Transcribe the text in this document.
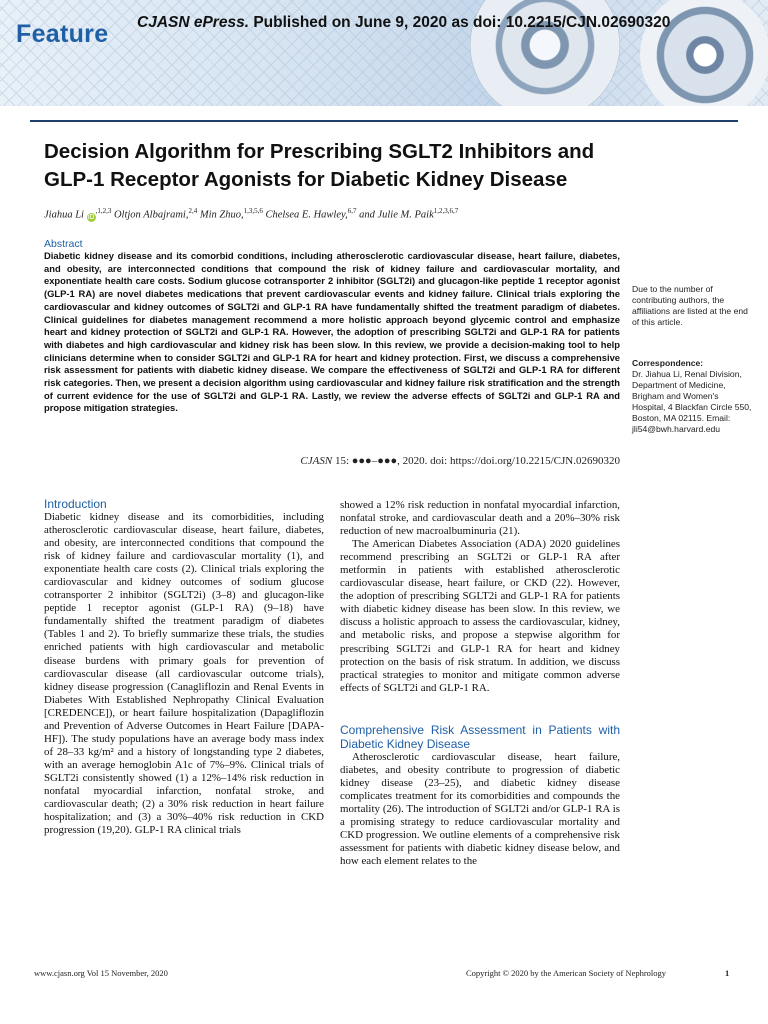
Feature CJASN ePress. Published on June 9, 2020 as doi: 10.2215/CJN.02690320
Decision Algorithm for Prescribing SGLT2 Inhibitors and GLP-1 Receptor Agonists for Diabetic Kidney Disease
Jiahua Li $iD^{,1,2,3}$ Oltjon Albajrami,$^{2,4}$ Min Zhuo,$^{1,3,5,6}$ Chelsea E. Hawley,$^{6,7}$ and Julie M. Paik$^{1,2,3,6,7}$
Abstract
Diabetic kidney disease and its comorbid conditions, including atherosclerotic cardiovascular disease, heart failure, diabetes, and obesity, are interconnected conditions that compound the risk of kidney failure and cardiovascular mortality, and exponentiate health care costs. Sodium glucose cotransporter 2 inhibitor (SGLT2i) and glucagon-like peptide 1 receptor agonist (GLP-1 RA) are novel diabetes medications that prevent cardiovascular events and kidney failure. Clinical trials exploring the cardiovascular and kidney outcomes of SGLT2i and GLP-1 RA have fundamentally shifted the treatment paradigm of diabetes. Clinical guidelines for diabetes management recommend a more holistic approach beyond glycemic control and emphasize heart and kidney protection of SGLT2i and GLP-1 RA. However, the adoption of prescribing SGLT2i and GLP-1 RA for patients with diabetes and high cardiovascular and kidney risk has been slow. In this review, we provide a decision-making tool to help clinicians determine when to consider SGLT2i and GLP-1 RA for heart and kidney protection. First, we discuss a comprehensive risk assessment for patients with diabetic kidney disease. We compare the effectiveness of SGLT2i and GLP-1 RA for different risk categories. Then, we present a decision algorithm using cardiovascular and kidney failure risk stratification and the strength of current evidence for the use of SGLT2i and GLP-1 RA. Lastly, we review the adverse effects of SGLT2i and GLP-1 RA and propose mitigation strategies.
CJASN 15: ●●●–●●●, 2020. doi: https://doi.org/10.2215/CJN.02690320
Due to the number of contributing authors, the affiliations are listed at the end of this article.
Correspondence:
Dr. Jiahua Li, Renal Division, Department of Medicine, Brigham and Women's Hospital, 4 Blackfan Circle 550, Boston, MA 02115. Email: jli54@bwh.harvard.edu

Introduction

Diabetic kidney disease and its comorbidities, including atherosclerotic cardiovascular disease, heart failure, diabetes, and obesity, are interconnected conditions that compound the risk of kidney failure and cardiovascular mortality (1), and exponentiate health care costs (2). Clinical trials exploring the cardiovascular and kidney outcomes of sodium glucose cotransporter 2 inhibitor (SGLT2i) (3–8) and glucagon-like peptide 1 receptor agonist (GLP-1 RA) (9–18) have fundamentally shifted the treatment paradigm of diabetes (Tables 1 and 2). To briefly summarize these trials, the studies enriched patients with high cardiovascular and metabolic disease burdens with primary goals for prevention of cardiovascular disease (all cardiovascular outcome trials), kidney disease progression (Canagliflozin and Renal Events in Diabetes With Established Nephropathy Clinical Evaluation [CREDENCE]), or heart failure hospitalization (Dapagliflozin and Prevention of Adverse Outcomes in Heart Failure [DAPA-HF]). The study populations have an average body mass index of 28–33 kg/m² and a history of longstanding type 2 diabetes, with an average hemoglobin A1c of 7%–9%. Clinical trials of SGLT2i consistently showed (1) a 12%–14% risk reduction in nonfatal myocardial infarction, nonfatal stroke, and cardiovascular death; (2) a 30% risk reduction in heart failure hospitalization; and (3) a 30%–40% risk reduction in CKD progression (19,20). GLP-1 RA clinical trials

showed a 12% risk reduction in nonfatal myocardial infarction, nonfatal stroke, and cardiovascular death and a 20%–30% risk reduction of new macroalbuminuria (21).

The American Diabetes Association (ADA) 2020 guidelines recommend prescribing an SGLT2i or GLP-1 RA after metformin in patients with established atherosclerotic cardiovascular disease, heart failure, or CKD (22). However, the adoption of prescribing SGLT2i and GLP-1 RA for patients with diabetic kidney disease has been slow. In this review, we discuss a holistic approach to assess the cardiovascular, kidney, and metabolic risks, and propose a stepwise algorithm for prescribing SGLT2i and GLP-1 RA for heart and kidney protection on the basis of risk stratum. In addition, we discuss practical strategies to monitor and mitigate common adverse effects of SGLT2i and GLP-1 RA.

Comprehensive Risk Assessment in Patients with Diabetic Kidney Disease

Atherosclerotic cardiovascular disease, heart failure, diabetes, and obesity contribute to progression of diabetic kidney disease (23–25), and diabetic kidney disease complicates treatment for its comorbidities and compounds the mortality (26). The introduction of SGLT2i and/or GLP-1 RA is a promising strategy to reduce cardiovascular mortality and CKD progression. We outline elements of a comprehensive risk assessment for patients with diabetic kidney disease below, and how each element relates to the

www.cjasn.org Vol 15 November, 2020	Copyright © 2020 by the American Society of Nephrology	1
